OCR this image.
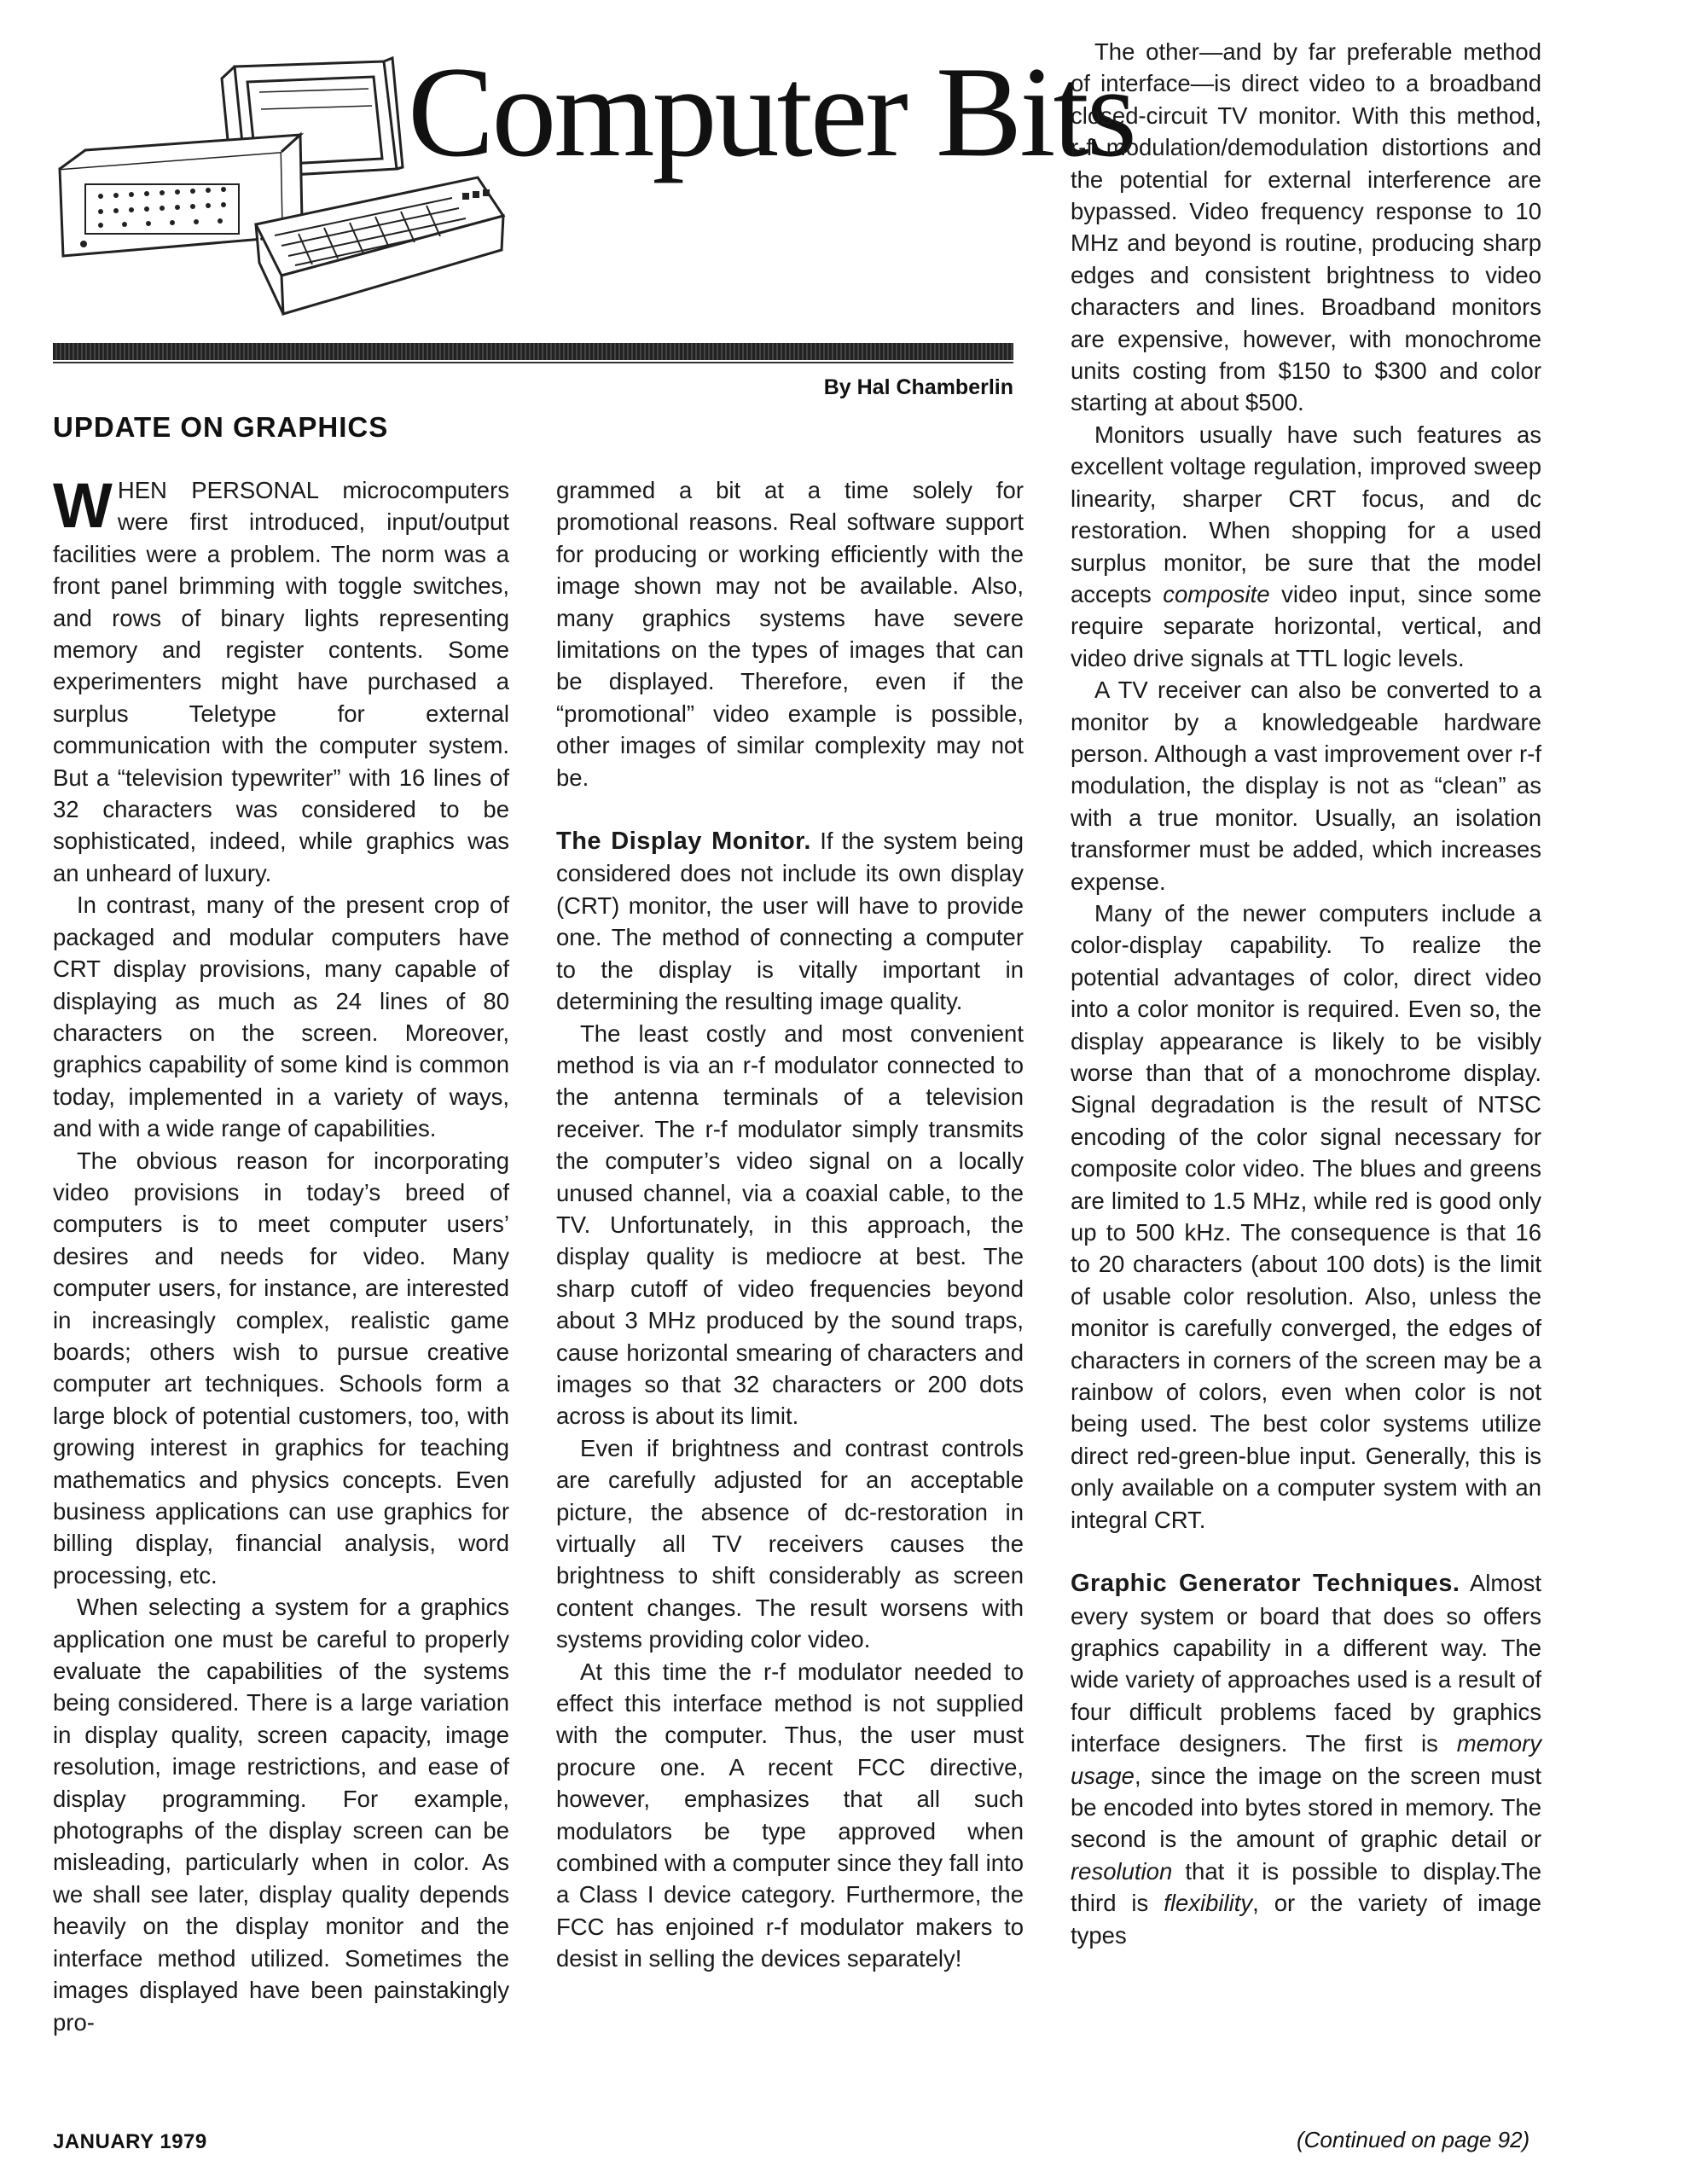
Computer Bits
By Hal Chamberlin
UPDATE ON GRAPHICS

WHEN PERSONAL microcomputers were first introduced, input/output facilities were a problem. The norm was a front panel brimming with toggle switches, and rows of binary lights representing memory and register contents. Some experimenters might have purchased a surplus Teletype for external communication with the computer system. But a “television typewriter” with 16 lines of 32 characters was considered to be sophisticated, indeed, while graphics was an unheard of luxury.

In contrast, many of the present crop of packaged and modular computers have CRT display provisions, many capable of displaying as much as 24 lines of 80 characters on the screen. Moreover, graphics capability of some kind is common today, implemented in a variety of ways, and with a wide range of capabilities.

The obvious reason for incorporating video provisions in today’s breed of computers is to meet computer users’ desires and needs for video. Many computer users, for instance, are interested in increasingly complex, realistic game boards; others wish to pursue creative computer art techniques. Schools form a large block of potential customers, too, with growing interest in graphics for teaching mathematics and physics concepts. Even business applications can use graphics for billing display, financial analysis, word processing, etc.

When selecting a system for a graphics application one must be careful to properly evaluate the capabilities of the systems being considered. There is a large variation in display quality, screen capacity, image resolution, image restrictions, and ease of display programming. For example, photographs of the display screen can be misleading, particularly when in color. As we shall see later, display quality depends heavily on the display monitor and the interface method utilized. Sometimes the images displayed have been painstakingly pro-

grammed a bit at a time solely for promotional reasons. Real software support for producing or working efficiently with the image shown may not be available. Also, many graphics systems have severe limitations on the types of images that can be displayed. Therefore, even if the “promotional” video example is possible, other images of similar complexity may not be.

The Display Monitor. If the system being considered does not include its own display (CRT) monitor, the user will have to provide one. The method of connecting a computer to the display is vitally important in determining the resulting image quality.

The least costly and most convenient method is via an r-f modulator connected to the antenna terminals of a television receiver. The r-f modulator simply transmits the computer’s video signal on a locally unused channel, via a coaxial cable, to the TV. Unfortunately, in this approach, the display quality is mediocre at best. The sharp cutoff of video frequencies beyond about 3 MHz produced by the sound traps, cause horizontal smearing of characters and images so that 32 characters or 200 dots across is about its limit.

Even if brightness and contrast controls are carefully adjusted for an acceptable picture, the absence of dc-restoration in virtually all TV receivers causes the brightness to shift considerably as screen content changes. The result worsens with systems providing color video.

At this time the r-f modulator needed to effect this interface method is not supplied with the computer. Thus, the user must procure one. A recent FCC directive, however, emphasizes that all such modulators be type approved when combined with a computer since they fall into a Class I device category. Furthermore, the FCC has enjoined r-f modulator makers to desist in selling the devices separately!

The other—and by far preferable method of interface—is direct video to a broadband closed-circuit TV monitor. With this method, r-f modulation/demodulation distortions and the potential for external interference are bypassed. Video frequency response to 10 MHz and beyond is routine, producing sharp edges and consistent brightness to video characters and lines. Broadband monitors are expensive, however, with monochrome units costing from $150 to $300 and color starting at about $500.

Monitors usually have such features as excellent voltage regulation, improved sweep linearity, sharper CRT focus, and dc restoration. When shopping for a used surplus monitor, be sure that the model accepts composite video input, since some require separate horizontal, vertical, and video drive signals at TTL logic levels.

A TV receiver can also be converted to a monitor by a knowledgeable hardware person. Although a vast improvement over r-f modulation, the display is not as “clean” as with a true monitor. Usually, an isolation transformer must be added, which increases expense.

Many of the newer computers include a color-display capability. To realize the potential advantages of color, direct video into a color monitor is required. Even so, the display appearance is likely to be visibly worse than that of a monochrome display. Signal degradation is the result of NTSC encoding of the color signal necessary for composite color video. The blues and greens are limited to 1.5 MHz, while red is good only up to 500 kHz. The consequence is that 16 to 20 characters (about 100 dots) is the limit of usable color resolution. Also, unless the monitor is carefully converged, the edges of characters in corners of the screen may be a rainbow of colors, even when color is not being used. The best color systems utilize direct red-green-blue input. Generally, this is only available on a computer system with an integral CRT.

Graphic Generator Techniques. Almost every system or board that does so offers graphics capability in a different way. The wide variety of approaches used is a result of four difficult problems faced by graphics interface designers. The first is memory usage, since the image on the screen must be encoded into bytes stored in memory. The second is the amount of graphic detail or resolution that it is possible to display.The third is flexibility, or the variety of image types

JANUARY 1979	(Continued on page 92)
